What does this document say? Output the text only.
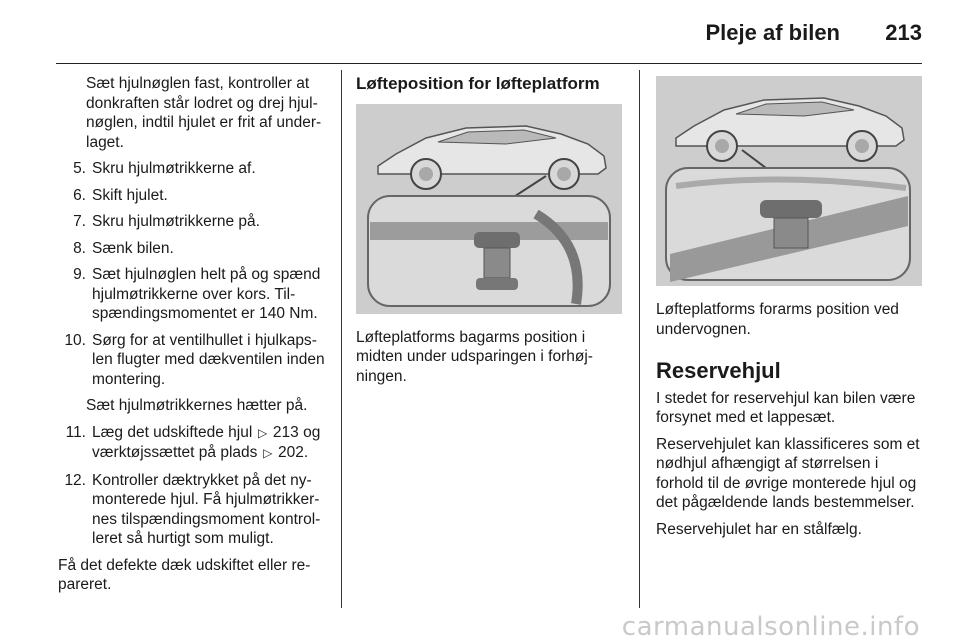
Pleje af bilen 213
Sæt hjulnøglen fast, kontroller at donkraften står lodret og drej hjulnøglen, indtil hjulet er frit af underlaget.
5. Skru hjulmøtrikkerne af.
6. Skift hjulet.
7. Skru hjulmøtrikkerne på.
8. Sænk bilen.
9. Sæt hjulnøglen helt på og spænd hjulmøtrikkerne over kors. Tilspændingsmomentet er 140 Nm.
10. Sørg for at ventilhullet i hjulkapslen flugter med dækventilen inden montering.
Sæt hjulmøtrikkernes hætter på.
11. Læg det udskiftede hjul ▷ 213 og værktøjssættet på plads ▷ 202.
12. Kontroller dæktrykket på det nymonterede hjul. Få hjulmøtrikkernes tilspændingsmoment kontrolleret så hurtigt som muligt.
Få det defekte dæk udskiftet eller repareret.
Løfteposition for løfteplatform
Løfteplatforms bagarms position i midten under udsparingen i forhøjningen.
Løfteplatforms forarms position ved undervognen.
Reservehjul
I stedet for reservehjul kan bilen være forsynet med et lappesæt.
Reservehjulet kan klassificeres som et nødhjul afhængigt af størrelsen i forhold til de øvrige monterede hjul og det pågældende lands bestemmelser.
Reservehjulet har en stålfælg.
carmanualsonline.info
